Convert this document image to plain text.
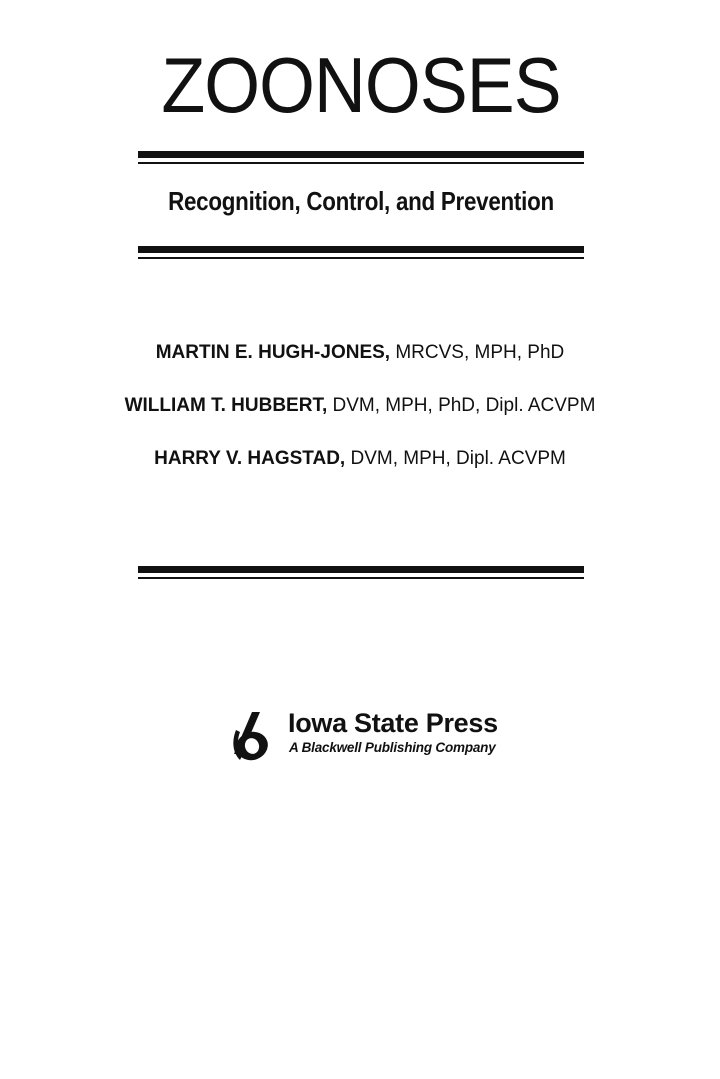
ZOONOSES
Recognition, Control, and Prevention
MARTIN E. HUGH-JONES, MRCVS, MPH, PhD
WILLIAM T. HUBBERT, DVM, MPH, PhD, Dipl. ACVPM
HARRY V. HAGSTAD, DVM, MPH, Dipl. ACVPM
Iowa State Press
A Blackwell Publishing Company
